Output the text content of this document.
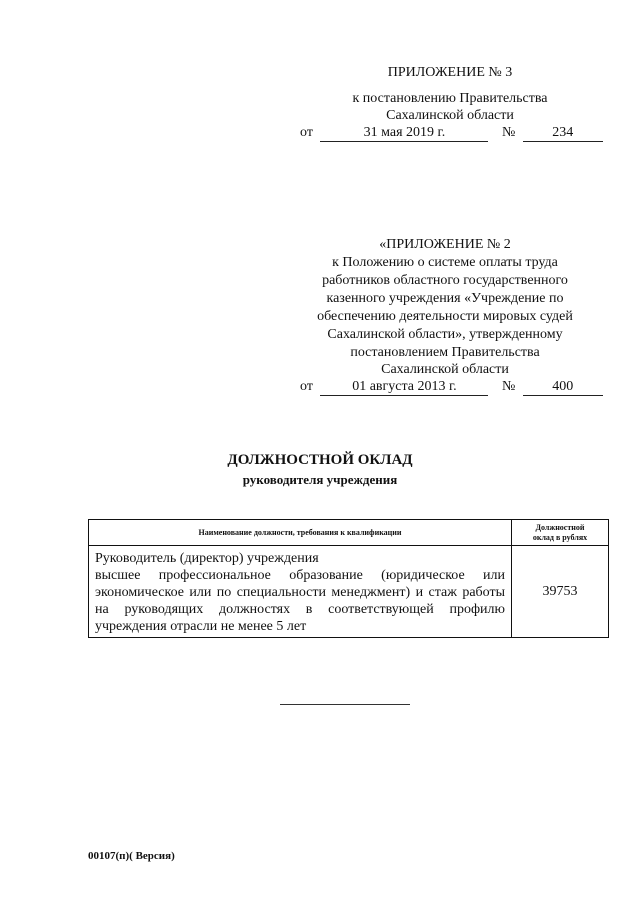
ПРИЛОЖЕНИЕ № 3
к постановлению Правительства
Сахалинской области
от	31 мая 2019 г.	№	234
«ПРИЛОЖЕНИЕ № 2
к Положению о системе оплаты труда
работников областного государственного
казенного учреждения «Учреждение по
обеспечению деятельности мировых судей
Сахалинской области», утвержденному
постановлением Правительства
Сахалинской области
от	01 августа 2013 г.	№	400
ДОЛЖНОСТНОЙ ОКЛАД
руководителя учреждения
Наименование должности, требования к квалификации	Должностной
оклад в рублях

Руководитель (директор) учреждения
высшее профессиональное образование (юридическое или экономическое или по специальности менеджмент) и стаж работы на руководящих должностях в соответствующей профилю учреждения отрасли не менее 5 лет	39753
00107(п)( Версия)
